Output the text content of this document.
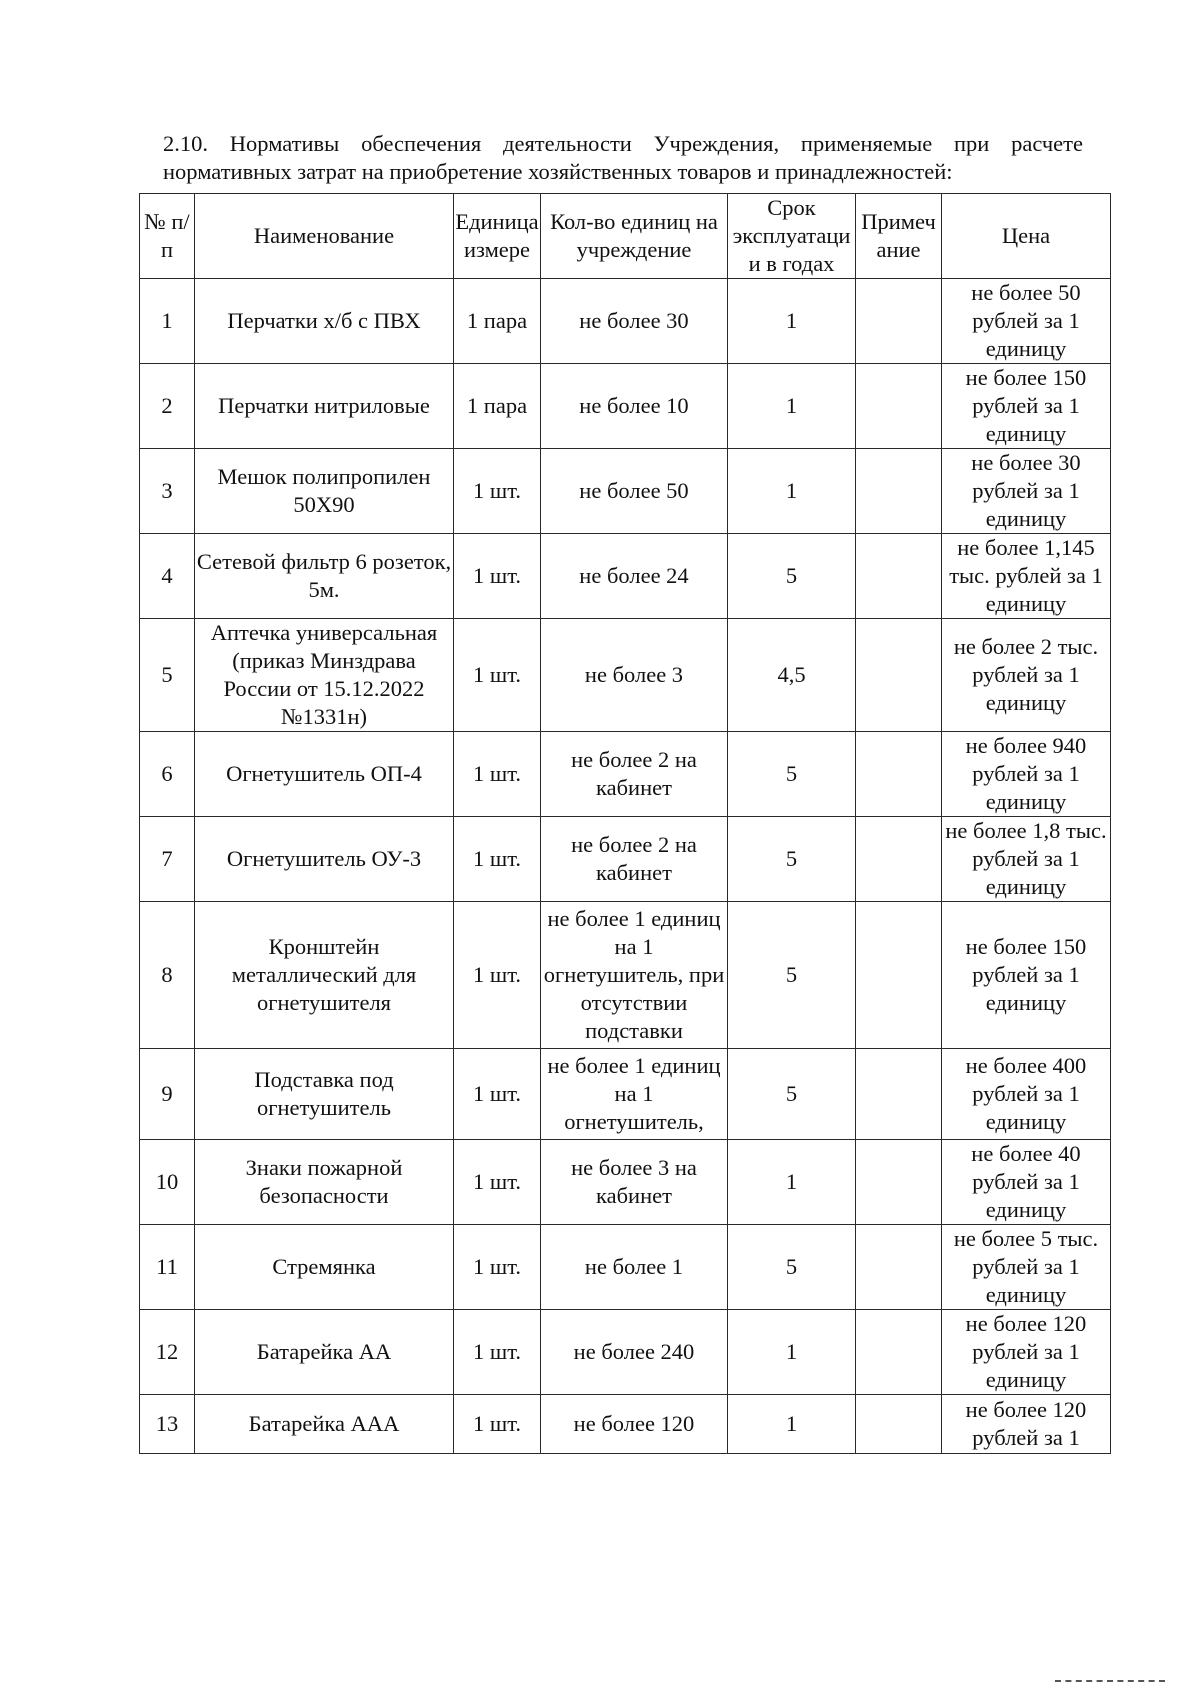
2.10. Нормативы обеспечения деятельности Учреждения, применяемые при расчете нормативных затрат на приобретение хозяйственных товаров и принадлежностей:

№ п/п	Наименование	Единица измере	Кол-во единиц на учреждение	Срок эксплуатации в годах	Примечание	Цена
1	Перчатки х/б с ПВХ	1 пара	не более 30	1		не более 50 рублей за 1 единицу
2	Перчатки нитриловые	1 пара	не более 10	1		не более 150 рублей за 1 единицу
3	Мешок полипропилен 50Х90	1 шт.	не более 50	1		не более 30 рублей за 1 единицу
4	Сетевой фильтр 6 розеток, 5м.	1 шт.	не более 24	5		не более 1,145 тыс. рублей за 1 единицу
5	Аптечка универсальная (приказ Минздрава России от 15.12.2022 №1331н)	1 шт.	не более 3	4,5		не более 2 тыс. рублей за 1 единицу
6	Огнетушитель ОП-4	1 шт.	не более 2 на кабинет	5		не более 940 рублей за 1 единицу
7	Огнетушитель ОУ-3	1 шт.	не более 2 на кабинет	5		не более 1,8 тыс. рублей за 1 единицу
8	Кронштейн металлический для огнетушителя	1 шт.	не более 1 единиц на 1 огнетушитель, при отсутствии подставки	5		не более 150 рублей за 1 единицу
9	Подставка под огнетушитель	1 шт.	не более 1 единиц на 1 огнетушитель,	5		не более 400 рублей за 1 единицу
10	Знаки пожарной безопасности	1 шт.	не более 3 на кабинет	1		не более 40 рублей за 1 единицу
11	Стремянка	1 шт.	не более 1	5		не более 5 тыс. рублей за 1 единицу
12	Батарейка АА	1 шт.	не более 240	1		не более 120 рублей за 1 единицу
13	Батарейка ААА	1 шт.	не более 120	1		не более 120 рублей за 1
